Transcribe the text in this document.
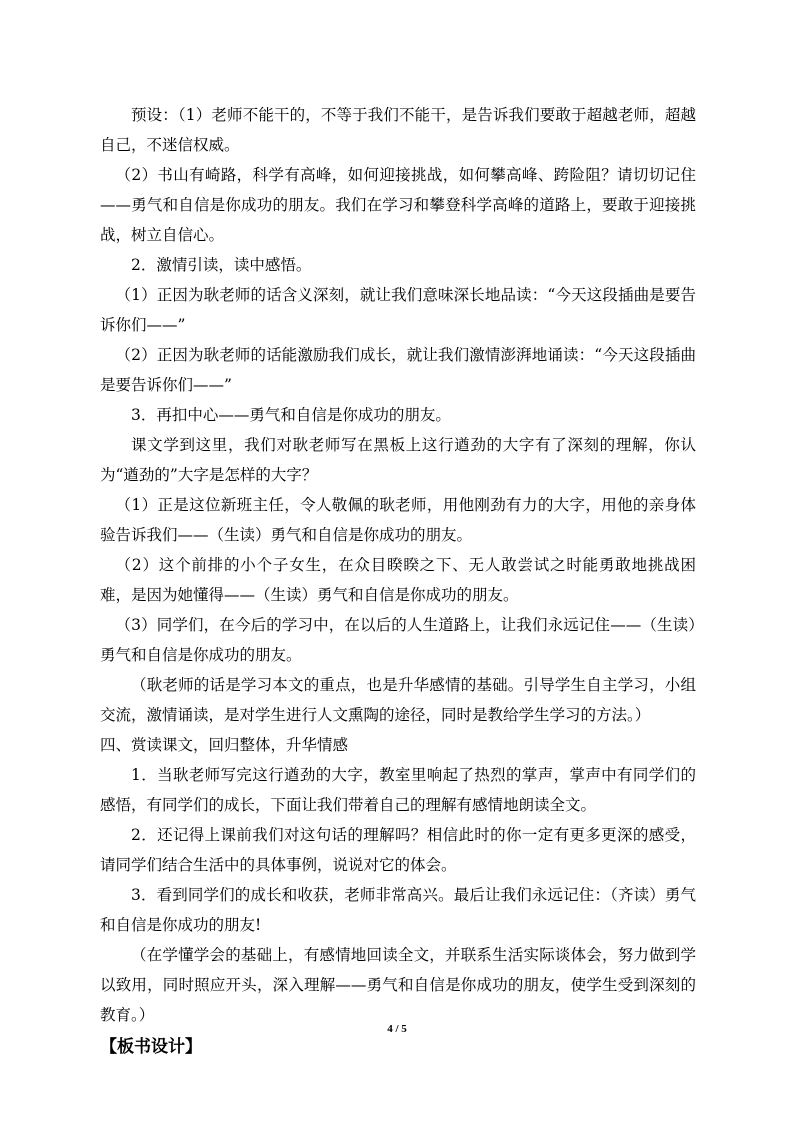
预设：（1）老师不能干的，不等于我们不能干，是告诉我们要敢于超越老师，超越自己，不迷信权威。

（2）书山有崎路，科学有高峰，如何迎接挑战，如何攀高峰、跨险阻？请切切记住——勇气和自信是你成功的朋友。我们在学习和攀登科学高峰的道路上，要敢于迎接挑战，树立自信心。

2．激情引读，读中感悟。

（1）正因为耿老师的话含义深刻，就让我们意味深长地品读：“今天这段插曲是要告诉你们——”

（2）正因为耿老师的话能激励我们成长，就让我们激情澎湃地诵读：“今天这段插曲是要告诉你们——”

3．再扣中心——勇气和自信是你成功的朋友。

课文学到这里，我们对耿老师写在黑板上这行遒劲的大字有了深刻的理解，你认为“遒劲的”大字是怎样的大字？

（1）正是这位新班主任，令人敬佩的耿老师，用他刚劲有力的大字，用他的亲身体验告诉我们——（生读）勇气和自信是你成功的朋友。

（2）这个前排的小个子女生，在众目睽睽之下、无人敢尝试之时能勇敢地挑战困难，是因为她懂得——（生读）勇气和自信是你成功的朋友。

（3）同学们，在今后的学习中，在以后的人生道路上，让我们永远记住——（生读）勇气和自信是你成功的朋友。

（耿老师的话是学习本文的重点，也是升华感情的基础。引导学生自主学习，小组交流，激情诵读，是对学生进行人文熏陶的途径，同时是教给学生学习的方法。）

四、赏读课文，回归整体，升华情感

1．当耿老师写完这行遒劲的大字，教室里响起了热烈的掌声，掌声中有同学们的感悟，有同学们的成长，下面让我们带着自己的理解有感情地朗读全文。

2．还记得上课前我们对这句话的理解吗？相信此时的你一定有更多更深的感受，请同学们结合生活中的具体事例，说说对它的体会。

3．看到同学们的成长和收获，老师非常高兴。最后让我们永远记住：（齐读）勇气和自信是你成功的朋友!

（在学懂学会的基础上，有感情地回读全文，并联系生活实际谈体会，努力做到学以致用，同时照应开头，深入理解——勇气和自信是你成功的朋友，使学生受到深刻的教育。）

【板书设计】
4 / 5
